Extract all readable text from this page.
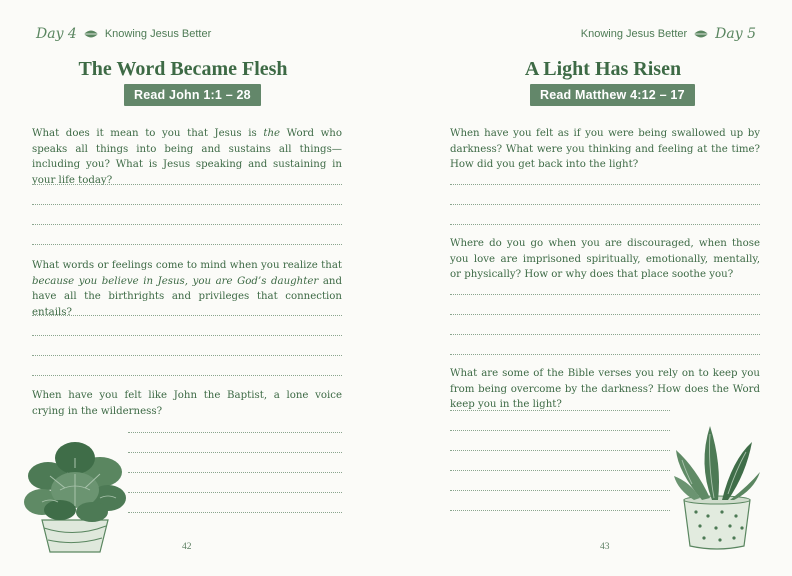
Day 4	Knowing Jesus Better
The Word Became Flesh
Read John 1:1 – 28

What does it mean to you that Jesus is the Word who speaks all things into being and sustains all things—including you? What is Jesus speaking and sustaining in your life today?

What words or feelings come to mind when you realize that because you believe in Jesus, you are God’s daughter and have all the birthrights and privileges that connection entails?

When have you felt like John the Baptist, a lone voice crying in the wilderness?

42
Knowing Jesus Better Day 5
A Light Has Risen
Read Matthew 4:12 – 17

When have you felt as if you were being swallowed up by darkness? What were you thinking and feeling at the time? How did you get back into the light?

Where do you go when you are discouraged, when those you love are imprisoned spiritually, emotionally, mentally, or physically? How or why does that place soothe you?

What are some of the Bible verses you rely on to keep you from being overcome by the darkness? How does the Word keep you in the light?

43
